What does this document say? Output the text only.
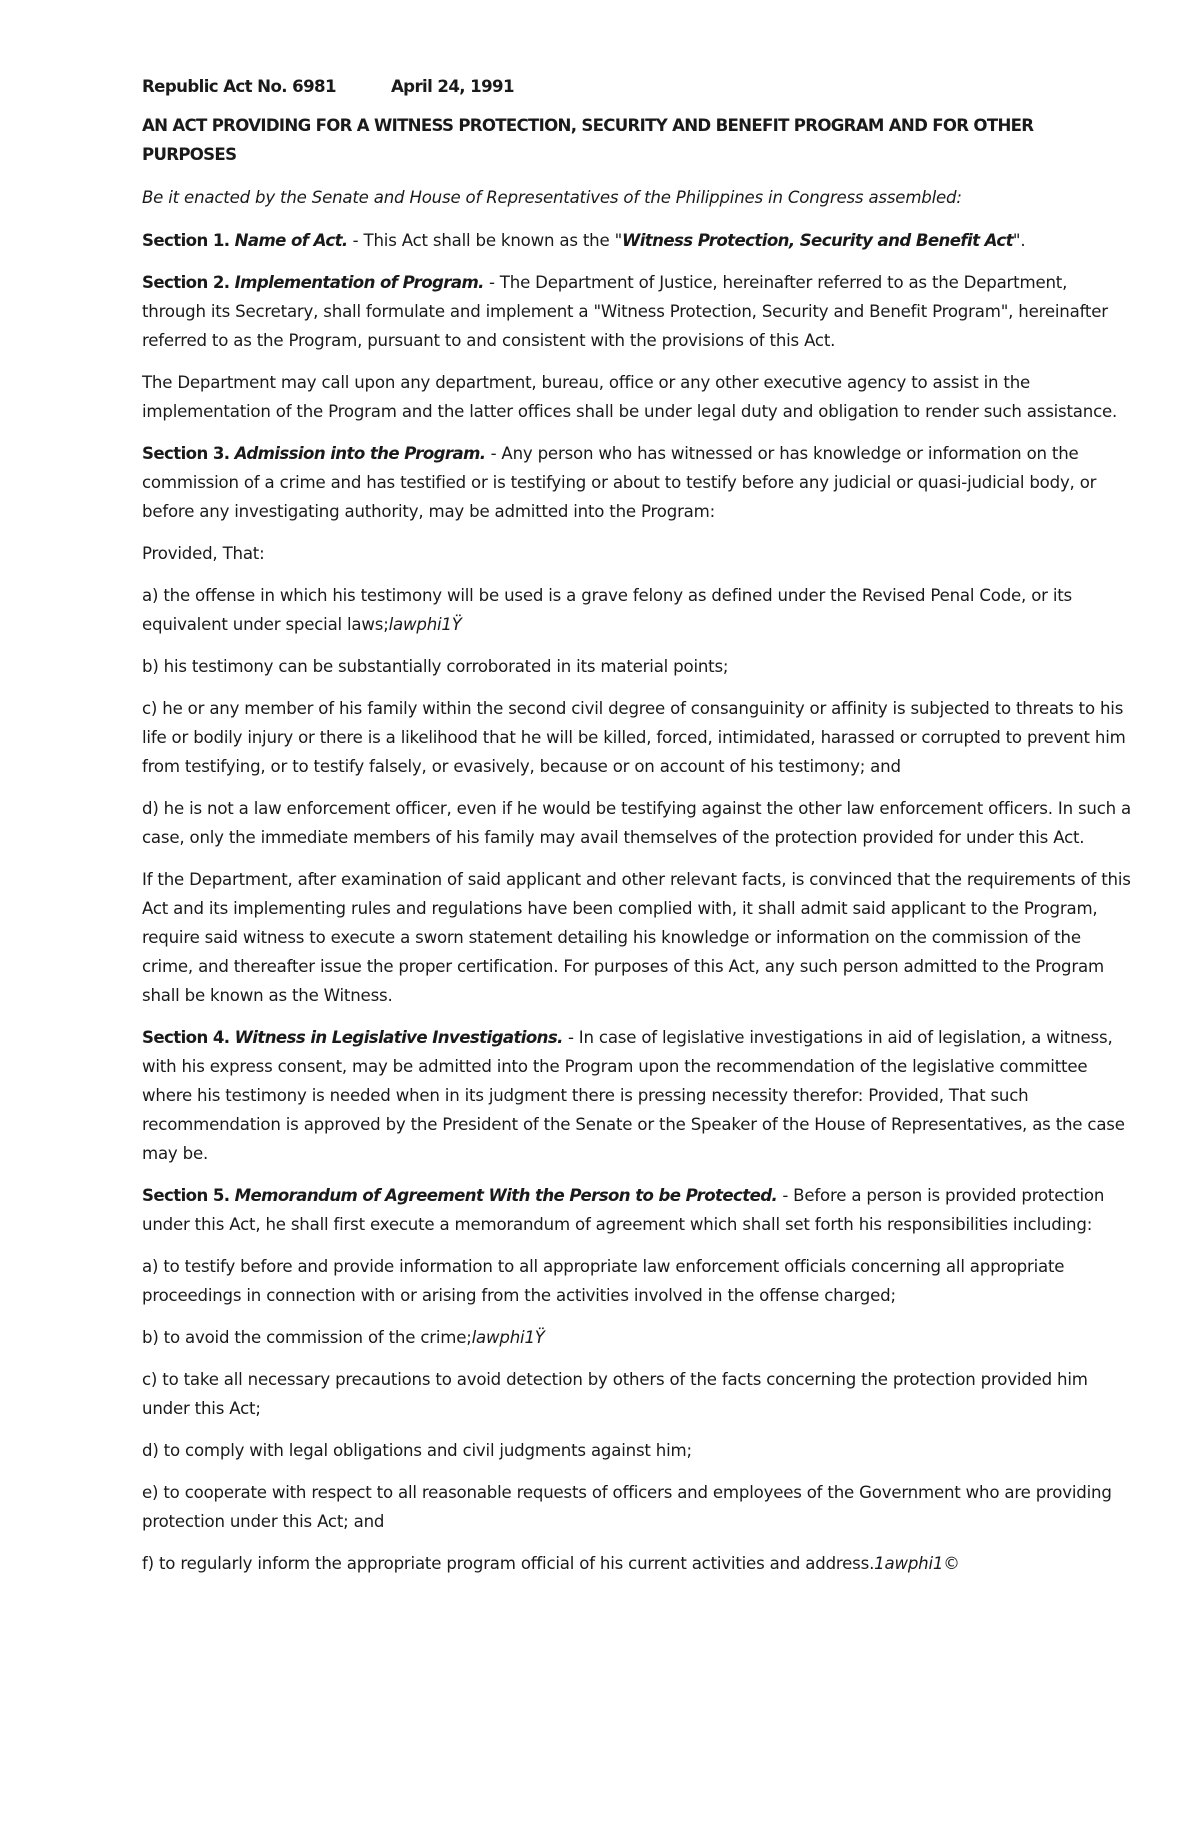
Republic Act No. 6981	April 24, 1991

AN ACT PROVIDING FOR A WITNESS PROTECTION, SECURITY AND BENEFIT PROGRAM AND FOR OTHER PURPOSES

Be it enacted by the Senate and House of Representatives of the Philippines in Congress assembled:

Section 1. Name of Act. - This Act shall be known as the "Witness Protection, Security and Benefit Act".

Section 2. Implementation of Program. - The Department of Justice, hereinafter referred to as the Department, through its Secretary, shall formulate and implement a "Witness Protection, Security and Benefit Program", hereinafter referred to as the Program, pursuant to and consistent with the provisions of this Act.

The Department may call upon any department, bureau, office or any other executive agency to assist in the implementation of the Program and the latter offices shall be under legal duty and obligation to render such assistance.

Section 3. Admission into the Program. - Any person who has witnessed or has knowledge or information on the commission of a crime and has testified or is testifying or about to testify before any judicial or quasi-judicial body, or before any investigating authority, may be admitted into the Program:

Provided, That:

a) the offense in which his testimony will be used is a grave felony as defined under the Revised Penal Code, or its equivalent under special laws;lawphi1Ÿ

b) his testimony can be substantially corroborated in its material points;

c) he or any member of his family within the second civil degree of consanguinity or affinity is subjected to threats to his life or bodily injury or there is a likelihood that he will be killed, forced, intimidated, harassed or corrupted to prevent him from testifying, or to testify falsely, or evasively, because or on account of his testimony; and

d) he is not a law enforcement officer, even if he would be testifying against the other law enforcement officers. In such a case, only the immediate members of his family may avail themselves of the protection provided for under this Act.

If the Department, after examination of said applicant and other relevant facts, is convinced that the requirements of this Act and its implementing rules and regulations have been complied with, it shall admit said applicant to the Program, require said witness to execute a sworn statement detailing his knowledge or information on the commission of the crime, and thereafter issue the proper certification. For purposes of this Act, any such person admitted to the Program shall be known as the Witness.

Section 4. Witness in Legislative Investigations. - In case of legislative investigations in aid of legislation, a witness, with his express consent, may be admitted into the Program upon the recommendation of the legislative committee where his testimony is needed when in its judgment there is pressing necessity therefor: Provided, That such recommendation is approved by the President of the Senate or the Speaker of the House of Representatives, as the case may be.

Section 5. Memorandum of Agreement With the Person to be Protected. - Before a person is provided protection under this Act, he shall first execute a memorandum of agreement which shall set forth his responsibilities including:

a) to testify before and provide information to all appropriate law enforcement officials concerning all appropriate proceedings in connection with or arising from the activities involved in the offense charged;

b) to avoid the commission of the crime;lawphi1Ÿ

c) to take all necessary precautions to avoid detection by others of the facts concerning the protection provided him under this Act;

d) to comply with legal obligations and civil judgments against him;

e) to cooperate with respect to all reasonable requests of officers and employees of the Government who are providing protection under this Act; and

f) to regularly inform the appropriate program official of his current activities and address.1awphi1©
